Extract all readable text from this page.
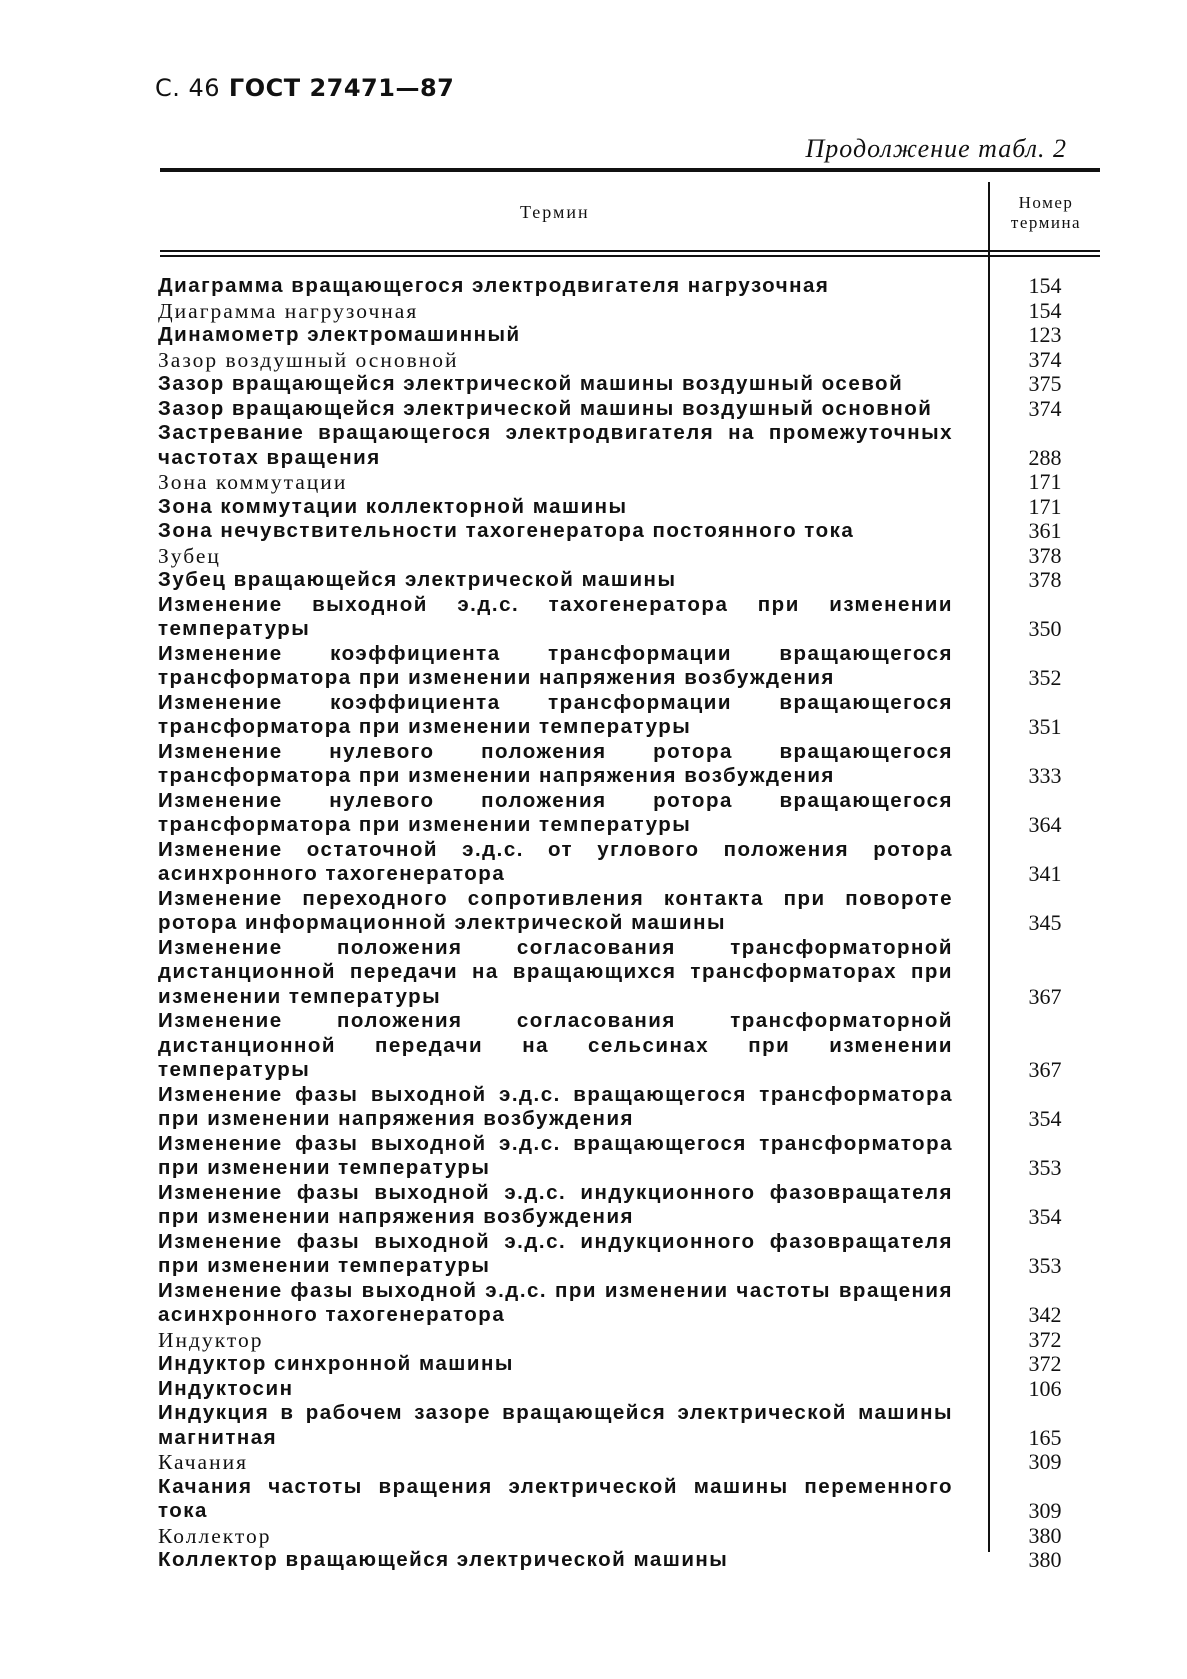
С. 46 ГОСТ 27471—87
Продолжение табл. 2
Термин	Номер
термина
Диаграмма вращающегося электродвигателя нагрузочная	154
Диаграмма нагрузочная	154
Динамометр электромашинный	123
Зазор воздушный основной	374
Зазор вращающейся электрической машины воздушный осевой	375
Зазор вращающейся электрической машины воздушный основной	374
Застревание вращающегося электродвигателя на промежуточных частотах вращения	288
Зона коммутации	171
Зона коммутации коллекторной машины	171
Зона нечувствительности тахогенератора постоянного тока	361
Зубец	378
Зубец вращающейся электрической машины	378
Изменение выходной э.д.с. тахогенератора при изменении температуры	350
Изменение коэффициента трансформации вращающегося трансформатора при изменении напряжения возбуждения	352
Изменение коэффициента трансформации вращающегося трансформатора при изменении температуры	351
Изменение нулевого положения ротора вращающегося трансформатора при изменении напряжения возбуждения	333
Изменение нулевого положения ротора вращающегося трансформатора при изменении температуры	364
Изменение остаточной э.д.с. от углового положения ротора асинхронного тахогенератора	341
Изменение переходного сопротивления контакта при повороте ротора информационной электрической машины	345
Изменение положения согласования трансформаторной дистанционной передачи на вращающихся трансформаторах при изменении температуры	367
Изменение положения согласования трансформаторной дистанционной передачи на сельсинах при изменении температуры	367
Изменение фазы выходной э.д.с. вращающегося трансформатора при изменении напряжения возбуждения	354
Изменение фазы выходной э.д.с. вращающегося трансформатора при изменении температуры	353
Изменение фазы выходной э.д.с. индукционного фазовращателя при изменении напряжения возбуждения	354
Изменение фазы выходной э.д.с. индукционного фазовращателя при изменении температуры	353
Изменение фазы выходной э.д.с. при изменении частоты вращения асинхронного тахогенератора	342
Индуктор	372
Индуктор синхронной машины	372
Индуктосин	106
Индукция в рабочем зазоре вращающейся электрической машины магнитная	165
Качания	309
Качания частоты вращения электрической машины переменного тока	309
Коллектор	380
Коллектор вращающейся электрической машины	380
